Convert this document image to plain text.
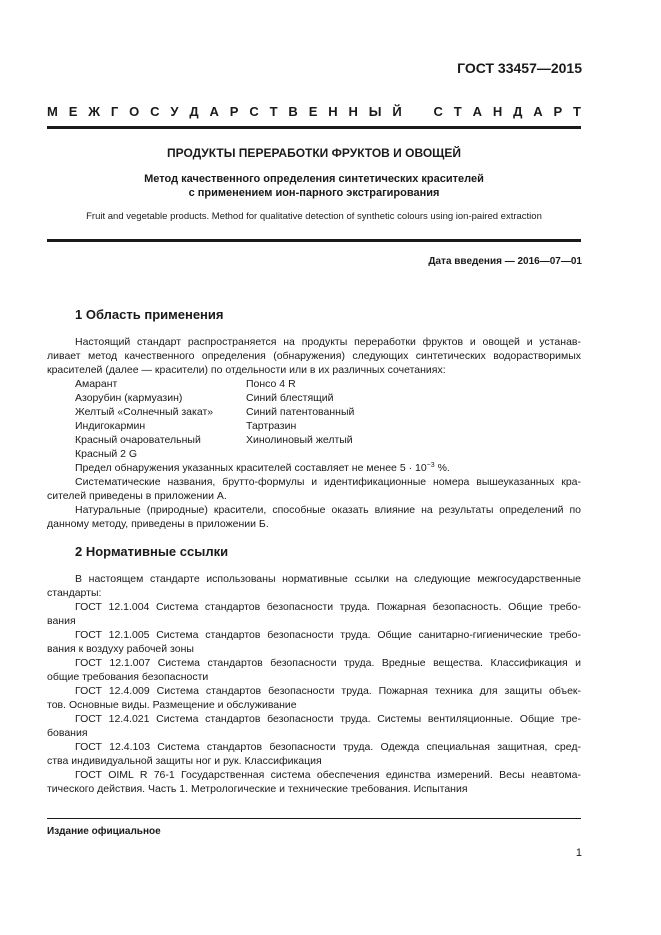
ГОСТ 33457—2015
М Е Ж Г О С У Д А Р С Т В Е Н Н Ы Й С Т А Н Д А Р Т
ПРОДУКТЫ ПЕРЕРАБОТКИ ФРУКТОВ И ОВОЩЕЙ
Метод качественного определения синтетических красителей
с применением ион-парного экстрагирования
Fruit and vegetable products. Method for qualitative detection of synthetic colours using ion-paired extraction
Дата введения — 2016—07—01
1 Область применения
Настоящий стандарт распространяется на продукты переработки фруктов и овощей и устанав-
ливает метод качественного определения (обнаружения) следующих синтетических водорастворимых
красителей (далее — красители) по отдельности или в их различных сочетаниях:
Амарант	Понсо 4 R
Азорубин (кармуазин)	Синий блестящий
Желтый «Солнечный закат»	Синий патентованный
Индигокармин	Тартразин
Красный очаровательный	Хинолиновый желтый
Красный 2 G
Предел обнаружения указанных красителей составляет не менее $5 \cdot 10^{-3}$ %.
Систематические названия, брутто-формулы и идентификационные номера вышеуказанных кра-
сителей приведены в приложении А.
Натуральные (природные) красители, способные оказать влияние на результаты определений по
данному методу, приведены в приложении Б.
2 Нормативные ссылки
В настоящем стандарте использованы нормативные ссылки на следующие межгосударственные
стандарты:
ГОСТ 12.1.004 Система стандартов безопасности труда. Пожарная безопасность. Общие требо-
вания
ГОСТ 12.1.005 Система стандартов безопасности труда. Общие санитарно-гигиенические требо-
вания к воздуху рабочей зоны
ГОСТ 12.1.007 Система стандартов безопасности труда. Вредные вещества. Классификация и
общие требования безопасности
ГОСТ 12.4.009 Система стандартов безопасности труда. Пожарная техника для защиты объек-
тов. Основные виды. Размещение и обслуживание
ГОСТ 12.4.021 Система стандартов безопасности труда. Системы вентиляционные. Общие тре-
бования
ГОСТ 12.4.103 Система стандартов безопасности труда. Одежда специальная защитная, сред-
ства индивидуальной защиты ног и рук. Классификация
ГОСТ OIML R 76-1 Государственная система обеспечения единства измерений. Весы неавтома-
тического действия. Часть 1. Метрологические и технические требования. Испытания
Издание официальное
1
